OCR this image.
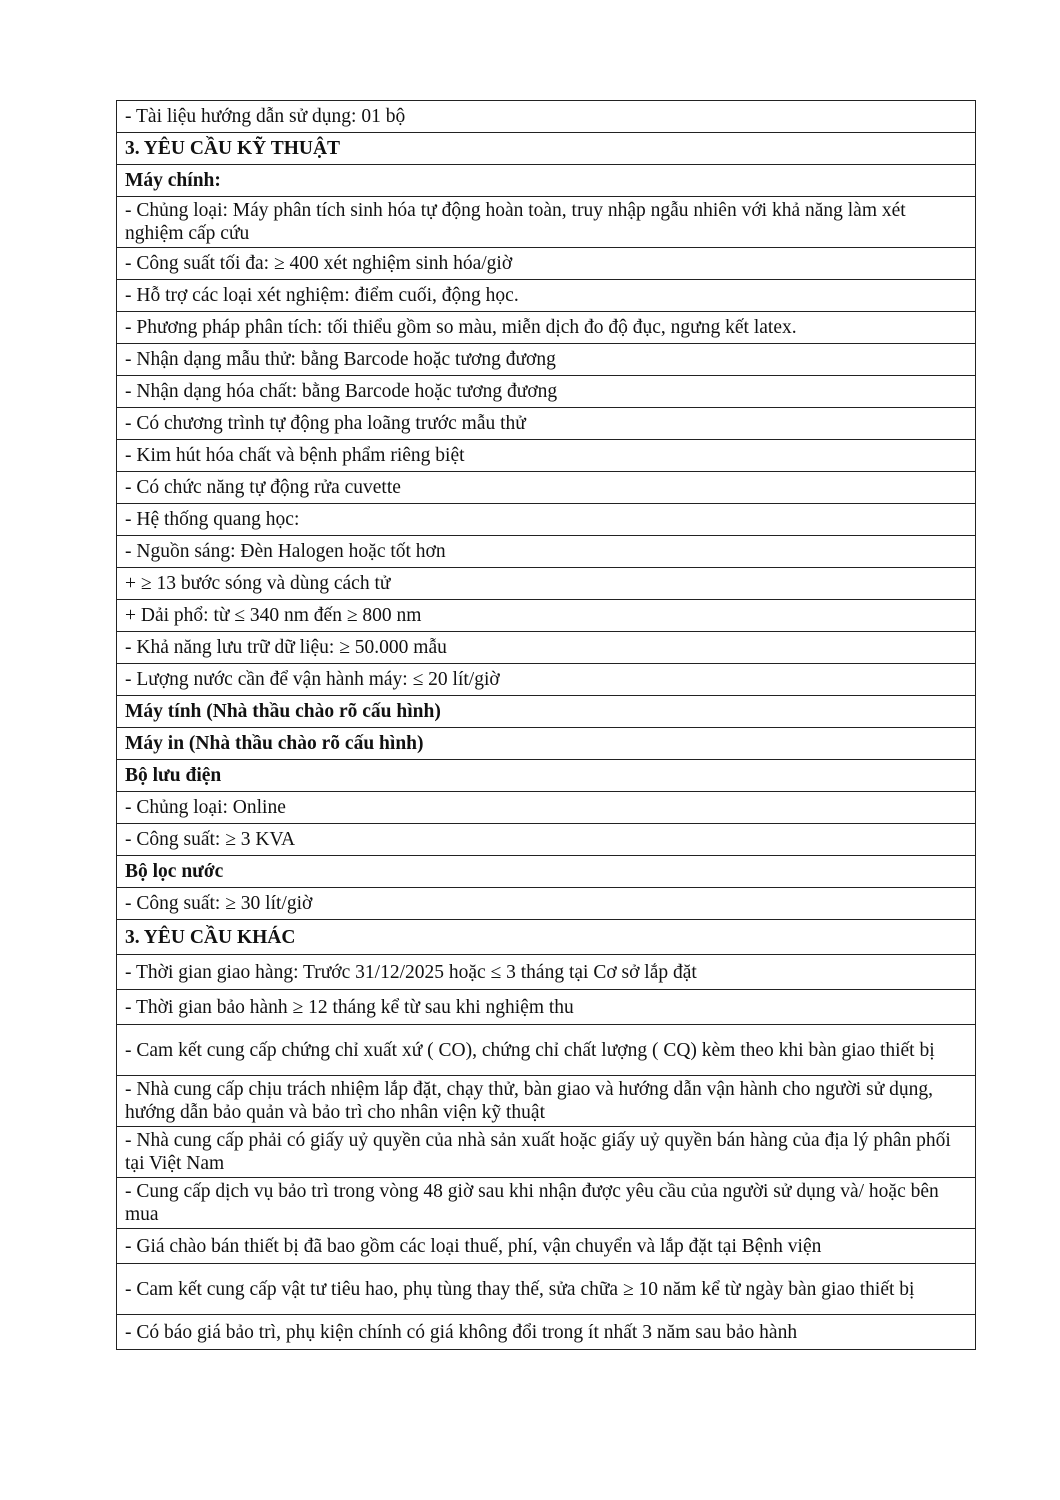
- Tài liệu hướng dẫn sử dụng: 01 bộ
3. YÊU CẦU KỸ THUẬT
Máy chính:
- Chủng loại: Máy phân tích sinh hóa tự động hoàn toàn, truy nhập ngẫu nhiên với khả năng làm xét nghiệm cấp cứu
- Công suất tối đa: ≥ 400 xét nghiệm sinh hóa/giờ
- Hỗ trợ các loại xét nghiệm: điểm cuối, động học.
- Phương pháp phân tích: tối thiểu gồm so màu, miễn dịch đo độ đục, ngưng kết latex.
- Nhận dạng mẫu thử: bằng Barcode hoặc tương đương
- Nhận dạng hóa chất: bằng Barcode hoặc tương đương
- Có chương trình tự động pha loãng trước mẫu thử
- Kim hút hóa chất và bệnh phẩm riêng biệt
- Có chức năng tự động rửa cuvette
- Hệ thống quang học:
- Nguồn sáng: Đèn Halogen hoặc tốt hơn
+ ≥ 13 bước sóng và dùng cách tử
+ Dải phổ: từ ≤ 340 nm đến ≥ 800 nm
- Khả năng lưu trữ dữ liệu: ≥ 50.000 mẫu
- Lượng nước cần để vận hành máy: ≤ 20 lít/giờ
Máy tính (Nhà thầu chào rõ cấu hình)
Máy in (Nhà thầu chào rõ cấu hình)
Bộ lưu điện
- Chủng loại: Online
- Công suất: ≥ 3 KVA
Bộ lọc nước
- Công suất: ≥ 30 lít/giờ
3. YÊU CẦU KHÁC
- Thời gian giao hàng: Trước 31/12/2025 hoặc ≤ 3 tháng tại Cơ sở lắp đặt
- Thời gian bảo hành ≥ 12 tháng kể từ sau khi nghiệm thu
- Cam kết cung cấp chứng chỉ xuất xứ ( CO), chứng chỉ chất lượng ( CQ) kèm theo khi bàn giao thiết bị
- Nhà cung cấp chịu trách nhiệm lắp đặt, chạy thử, bàn giao và hướng dẫn vận hành cho người sử dụng, hướng dẫn bảo quản và bảo trì cho nhân viện kỹ thuật
- Nhà cung cấp phải có giấy uỷ quyền của nhà sản xuất hoặc giấy uỷ quyền bán hàng của địa lý phân phối tại Việt Nam
- Cung cấp dịch vụ bảo trì trong vòng 48 giờ sau khi nhận được yêu cầu của người sử dụng và/ hoặc bên mua
- Giá chào bán thiết bị đã bao gồm các loại thuế, phí, vận chuyển và lắp đặt tại Bệnh viện
- Cam kết cung cấp vật tư tiêu hao, phụ tùng thay thế, sửa chữa ≥ 10 năm kể từ ngày bàn giao thiết bị
- Có báo giá bảo trì, phụ kiện chính có giá không đổi trong ít nhất 3 năm sau bảo hành
